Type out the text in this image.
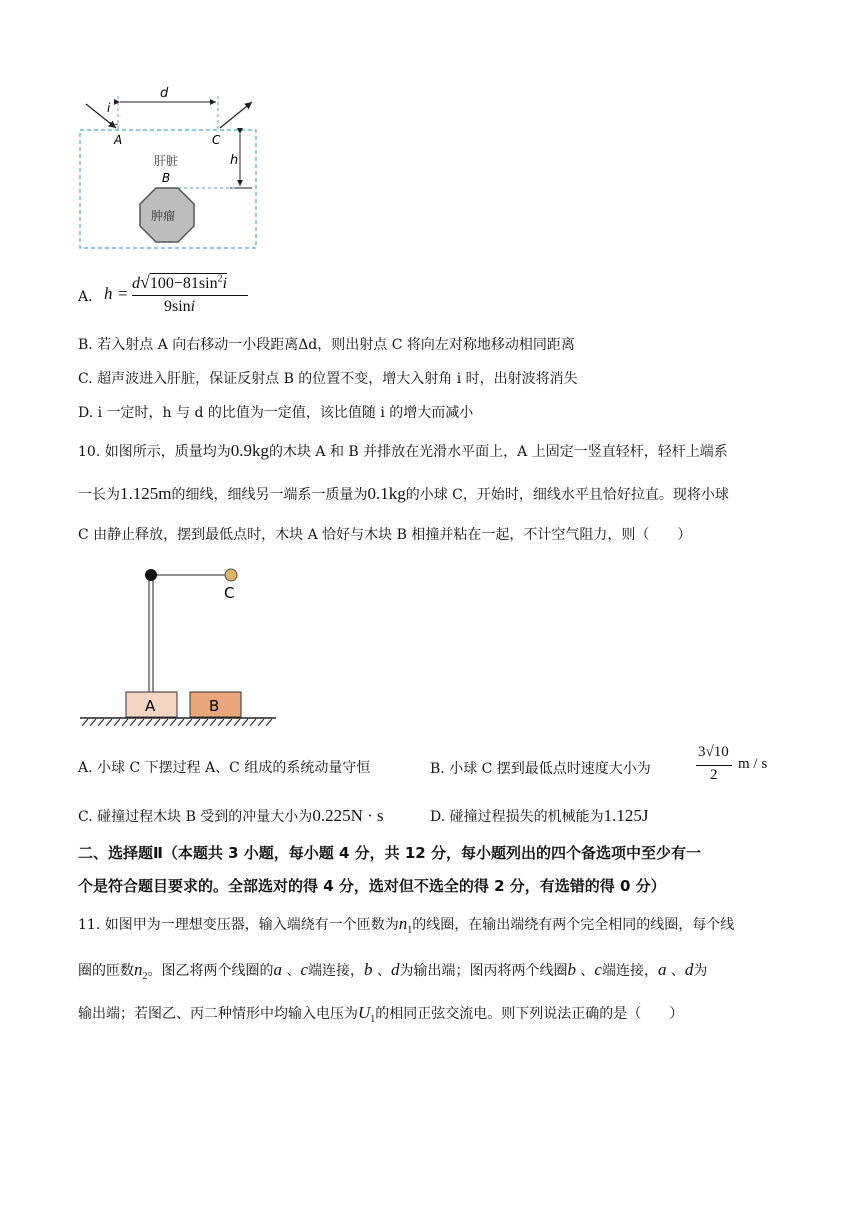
d
i
A	C
h
肝脏
B
肿瘤
A． h =
$d√100-81\sin^2i$
9sini
B. 若入射点 A 向右移动一小段距离Δd，则出射点 C 将向左对称地移动相同距离
C. 超声波进入肝脏，保证反射点 B 的位置不变，增大入射角 i 时，出射波将消失
D. i 一定时，h 与 d 的比值为一定值，该比值随 i 的增大而减小
10. 如图所示，质量均为0.9kg的木块 A 和 B 并排放在光滑水平面上，A 上固定一竖直轻杆，轻杆上端系
一长为1.125m的细线，细线另一端系一质量为0.1kg的小球 C，开始时，细线水平且恰好拉直。现将小球
C 由静止释放，摆到最低点时，木块 A 恰好与木块 B 相撞并粘在一起，不计空气阻力，则（　　）
C
A	B
A. 小球 C 下摆过程 A、C 组成的系统动量守恒	B. 小球 C 摆到最低点时速度大小为
3√10
2
m / s
C. 碰撞过程木块 B 受到的冲量大小为0.225N · s	D. 碰撞过程损失的机械能为1.125J
二、选择题Ⅱ（本题共 3 小题，每小题 4 分，共 12 分，每小题列出的四个备选项中至少有一
个是符合题目要求的。全部选对的得 4 分，选对但不选全的得 2 分，有选错的得 0 分）
11. 如图甲为一理想变压器，输入端绕有一个匝数为$n_1$的线圈，在输出端绕有两个完全相同的线圈，每个线
圈的匝数$n_2$。图乙将两个线圈的a 、c端连接，b 、d为输出端；图丙将两个线圈b 、c端连接，a 、d为
输出端；若图乙、丙二种情形中均输入电压为$U_1$的相同正弦交流电。则下列说法正确的是（　　）
